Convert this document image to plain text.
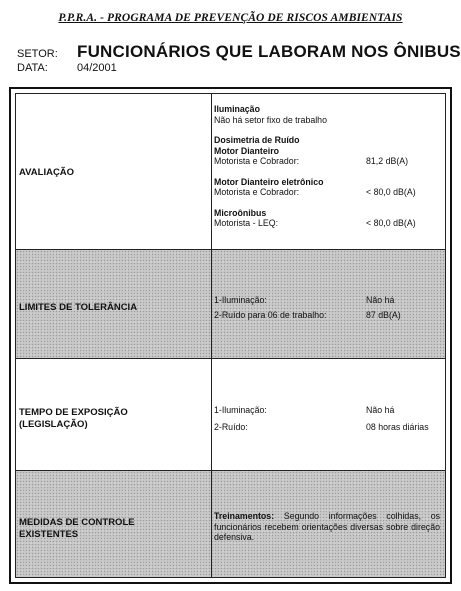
P.P.R.A. - PROGRAMA DE PREVENÇÃO DE RISCOS AMBIENTAIS
SETOR: FUNCIONÁRIOS QUE LABORAM NOS ÔNIBUS
DATA:	04/2001
AVALIAÇÃO
Iluminação
Não há setor fixo de trabalho
Dosimetria de Ruído
Motor Dianteiro
Motorista e Cobrador:	81,2 dB(A)
Motor Dianteiro eletrônico
Motorista e Cobrador:	< 80,0 dB(A)
Microônibus
Motorista - LEQ:	< 80,0 dB(A)
LIMITES DE TOLERÂNCIA
1-Iluminação:	Não há
2-Ruído para 06 de trabalho:	87 dB(A)
TEMPO DE EXPOSIÇÃO
(LEGISLAÇÃO)
1-Iluminação:	Não há
2-Ruído:	08 horas diárias
MEDIDAS DE CONTROLE
EXISTENTES
Treinamentos: Segundo informações colhidas, os funcionários recebem orientações diversas sobre direção defensiva.
